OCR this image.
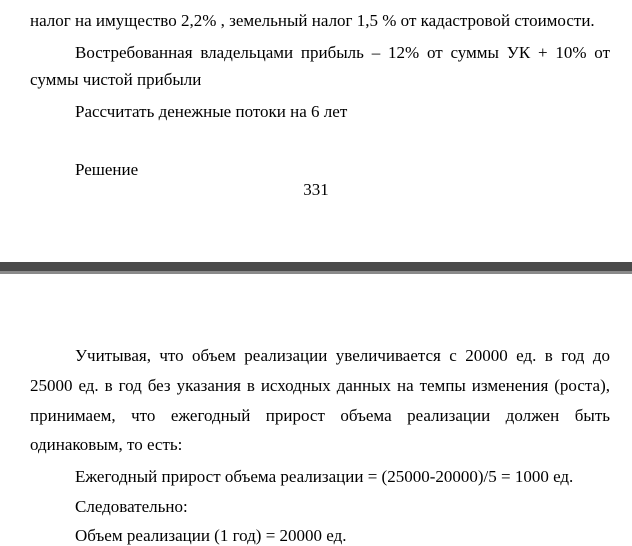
налог на имущество 2,2% , земельный налог 1,5 % от кадастровой стоимости.
Востребованная владельцами прибыль – 12% от суммы УК + 10% от
суммы чистой прибыли
Рассчитать денежные потоки на 6 лет
Решение
331
Учитывая, что объем реализации увеличивается с 20000 ед. в год до
25000 ед. в год без указания в исходных данных на темпы изменения (роста),
принимаем, что ежегодный прирост объема реализации должен быть
одинаковым, то есть:
Ежегодный прирост объема реализации = (25000-20000)/5 = 1000 ед.
Следовательно:
Объем реализации (1 год) = 20000 ед.
